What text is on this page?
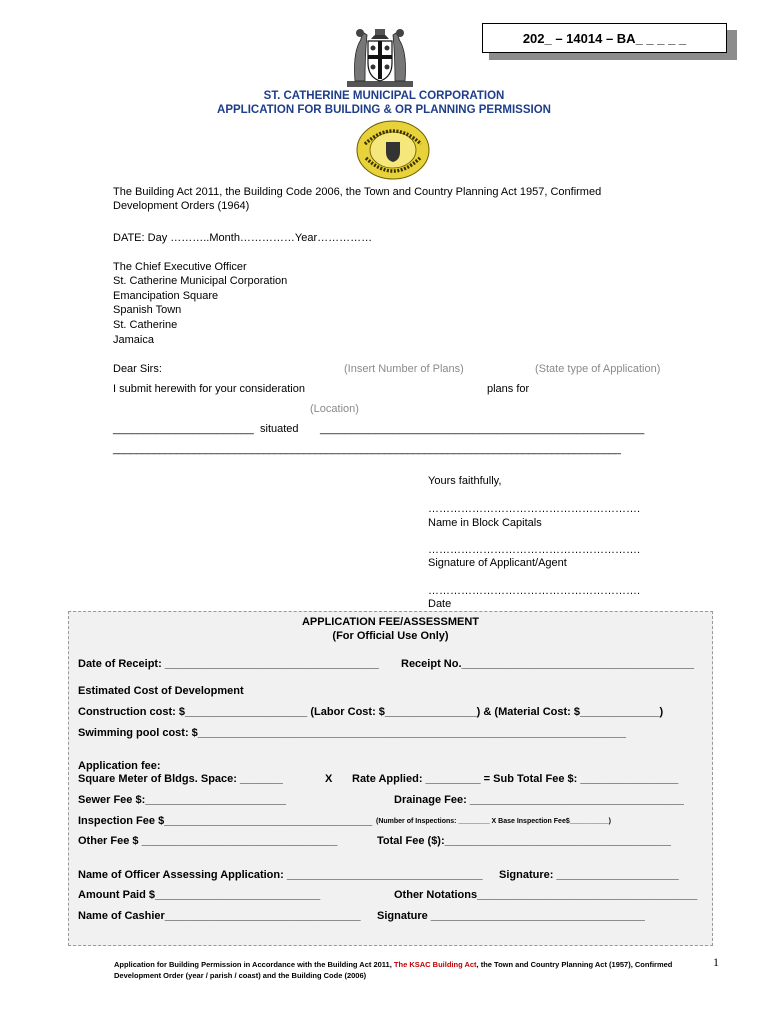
202_ – 14014 – BA_ _ _ _ _
ST. CATHERINE MUNICIPAL CORPORATION
APPLICATION FOR BUILDING & OR PLANNING PERMISSION
The Building Act 2011, the Building Code 2006, the Town and Country Planning Act 1957, Confirmed
Development Orders (1964)
DATE: Day ………..Month……………Year……………
The Chief Executive Officer
St. Catherine Municipal Corporation
Emancipation Square
Spanish Town
St. Catherine
Jamaica
Dear Sirs:	(Insert Number of Plans)	(State type of Application)
I submit herewith for your consideration	plans for
(Location)
_______________________ situated _____________________________________________________
________________________________________________________________________________________
Yours faithfully,
………………………………………………….
Name in Block Capitals
………………………………………………….
Signature of Applicant/Agent
………………………………………………….
Date
APPLICATION FEE/ASSESSMENT
(For Official Use Only)
Date of Receipt: ___________________________________ Receipt No.______________________________________
Estimated Cost of Development
Construction cost: $____________________ (Labor Cost: $_______________) & (Material Cost: $_____________)
Swimming pool cost: $______________________________________________________________________
Application fee:
Square Meter of Bldgs. Space: _______	X Rate Applied: _________ = Sub Total Fee $: ________________
Sewer Fee $:_______________________	Drainage Fee: ___________________________________
Inspection Fee $__________________________________ (Number of Inspections: ________ X Base Inspection Fee$__________)
Other Fee $ ________________________________	Total Fee ($):_____________________________________
Name of Officer Assessing Application: ________________________________ Signature: ____________________
Amount Paid $___________________________	Other Notations____________________________________
Name of Cashier________________________________ Signature ___________________________________
Application for Building Permission in Accordance with the Building Act 2011, The KSAC Building Act, the Town and Country Planning Act (1957), Confirmed Development Order (year / parish / coast) and the Building Code (2006)
1
